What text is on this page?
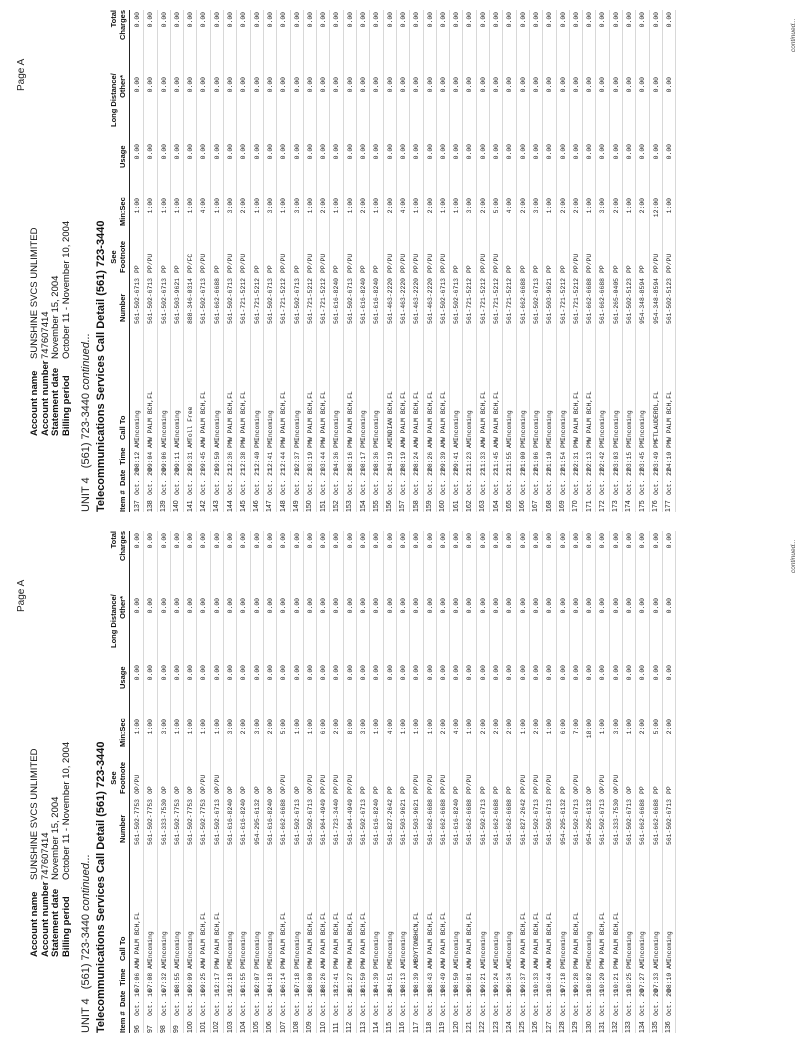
Page A
Account name
SUNSHINE SVCS UNLIMITED
Account number
747607414
Statement date
November 15, 2004
Billing period
October 11 - November 10, 2004
UNIT 4   (561) 723-3440 continued... Telecommunications Services Call Detail (561) 723-3440 Item #
Date
Time
Call To
Number
See Footnote
Min:Sec
Usage
Long Distance/ Other*
Total Charges
96
Oct. 16
07:06 AM
W PALM BCH,FL
561-502-7753
OP/PU
1:00
0.00
0.00
0.00
97
Oct. 16
07:08 AM
Incoming
561-502-7753
OP
1:00
0.00
0.00
0.00
98
Oct. 16
07:32 AM
Incoming
561-333-7530
OP
3:00
0.00
0.00
0.00
99
Oct. 16
08:55 AM
Incoming
561-502-7753
OP
1:00
0.00
0.00
0.00
100
Oct. 16
09:09 AM
Incoming
561-502-7753
OP
1:00
0.00
0.00
0.00
101
Oct. 16
09:25 AM
W PALM BCH,FL
561-502-7753
OP/PU
1:00
0.00
0.00
0.00
102
Oct. 16
12:17 PM
W PALM BCH,FL
561-502-6713
OP/PU
1:00
0.00
0.00
0.00
103
Oct. 16
12:18 PM
Incoming
561-616-8240
OP
3:00
0.00
0.00
0.00
104
Oct. 16
01:55 PM
Incoming
561-616-8240
OP
2:00
0.00
0.00
0.00
105
Oct. 16
02:07 PM
Incoming
954-295-6132
OP
3:00
0.00
0.00
0.00
106
Oct. 16
04:18 PM
Incoming
561-616-8240
OP
2:00
0.00
0.00
0.00
107
Oct. 16
06:14 PM
W PALM BCH,FL
561-662-6688
OP/PU
5:00
0.00
0.00
0.00
108
Oct. 16
07:18 PM
Incoming
561-502-6713
OP
1:00
0.00
0.00
0.00
109
Oct. 16
08:00 PM
W PALM BCH,FL
561-502-6713
OP/PU
1:00
0.00
0.00
0.00
110
Oct. 18
08:26 AM
W PALM BCH,FL
561-964-4949
PP/PU
6:00
0.00
0.00
0.00
111
Oct. 18
12:41 PM
W PALM BCH,FL
561-723-3440
PP/PU
2:00
0.00
0.00
0.00
112
Oct. 18
01:27 PM
W PALM BCH,FL
561-964-4949
PP/PU
8:00
0.00
0.00
0.00
113
Oct. 18
01:50 PM
W PALM BCH,FL
561-502-6713
PP
3:00
0.00
0.00
0.00
114
Oct. 18
04:39 PM
Incoming
561-616-8240
PP
1:00
0.00
0.00
0.00
115
Oct. 18
04:51 PM
Incoming
561-827-2642
PP
4:00
0.00
0.00
0.00
116
Oct. 19
08:13 AM
Incoming
561-503-9621
PP
1:00
0.00
0.00
0.00
117
Oct. 19
08:39 AM
BOYTONBHCN,FL
561-503-9621
PP/PU
1:00
0.00
0.00
0.00
118
Oct. 19
08:43 AM
W PALM BCH,FL
561-662-6688
PP/PU
1:00
0.00
0.00
0.00
119
Oct. 19
08:49 AM
W PALM BCH,FL
561-662-6688
PP/PU
2:00
0.00
0.00
0.00
120
Oct. 19
08:50 AM
Incoming
561-616-8240
PP
4:00
0.00
0.00
0.00
121
Oct. 19
09:01 AM
W PALM BCH,FL
561-662-6688
PP/PU
1:00
0.00
0.00
0.00
122
Oct. 19
09:21 AM
Incoming
561-502-6713
PP
2:00
0.00
0.00
0.00
123
Oct. 19
09:24 AM
Incoming
561-662-6688
PP
2:00
0.00
0.00
0.00
124
Oct. 19
09:34 AM
Incoming
561-662-6688
PP
2:00
0.00
0.00
0.00
125
Oct. 19
09:37 AM
W PALM BCH,FL
561-827-2642
PP/PU
1:00
0.00
0.00
0.00
126
Oct. 19
10:33 AM
W PALM BCH,FL
561-502-6713
PP/PU
2:00
0.00
0.00
0.00
127
Oct. 19
10:44 AM
W PALM BCH,FL
561-503-6713
PP/PU
1:00
0.00
0.00
0.00
128
Oct. 19
07:18 PM
Incoming
954-295-6132
PP
6:00
0.00
0.00
0.00
129
Oct. 19
09:28 PM
W PALM BCH,FL
561-502-6713
OP/PU
7:00
0.00
0.00
0.00
130
Oct. 19
10:02 PM
Incoming
954-295-6132
OP
18:00
0.00
0.00
0.00
131
Oct. 19
10:20 PM
W PALM BCH,FL
561-502-6713
OP/PU
1:00
0.00
0.00
0.00
132
Oct. 19
10:21 PM
W PALM BCH,FL
561-333-7530
OP/PU
3:00
0.00
0.00
0.00
133
Oct. 19
10:25 PM
Incoming
561-502-6713
OP
1:00
0.00
0.00
0.00
134
Oct. 20
07:27 AM
Incoming
561-662-6688
PP
2:00
0.00
0.00
0.00
135
Oct. 20
07:33 AM
Incoming
561-662-6688
PP
5:00
0.00
0.00
0.00
136
Oct. 20
08:10 AM
Incoming
561-502-6713
PP
2:00
0.00
0.00
0.00	continued...
Page A
Account name
SUNSHINE SVCS UNLIMITED
Account number
747607414
Statement date
November 15, 2004
Billing period
October 11 - November 10, 2004
UNIT 4   (561) 723-3440 continued... Telecommunications Services Call Detail (561) 723-3440 Item #
Date
Time
Call To
Number
See Footnote
Min:Sec
Usage
Long Distance/ Other*
Total Charges
137
Oct. 20
08:12 AM
Incoming
561-502-6713
PP
1:00
0.00
0.00
0.00
138
Oct. 20
09:04 AM
W PALM BCH,FL
561-502-6713
PP/PU
1:00
0.00
0.00
0.00
139
Oct. 20
09:06 AM
Incoming
561-502-6713
PP
1:00
0.00
0.00
0.00
140
Oct. 20
09:11 AM
Incoming
561-503-9621
PP
1:00
0.00
0.00
0.00
141
Oct. 21
09:31 AM
Toll Free
888-346-0314
PP/FC
1:00
0.00
0.00
0.00
142
Oct. 21
09:45 AM
W PALM BCH,FL
561-502-6713
PP/PU
4:00
0.00
0.00
0.00
143
Oct. 21
09:50 AM
Incoming
561-662-6688
PP
1:00
0.00
0.00
0.00
144
Oct. 21
12:36 PM
W PALM BCH,FL
561-502-6713
PP/PU
3:00
0.00
0.00
0.00
145
Oct. 21
12:38 PM
W PALM BCH,FL
561-721-5212
PP/PU
2:00
0.00
0.00
0.00
146
Oct. 21
12:40 PM
Incoming
561-721-5212
PP
1:00
0.00
0.00
0.00
147
Oct. 21
12:41 PM
Incoming
561-502-6713
PP
3:00
0.00
0.00
0.00
148
Oct. 21
12:44 PM
W PALM BCH,FL
561-721-5212
PP/PU
1:00
0.00
0.00
0.00
149
Oct. 21
02:37 PM
Incoming
561-502-6713
PP
3:00
0.00
0.00
0.00
150
Oct. 21
03:19 PM
W PALM BCH,FL
561-721-5212
PP/PU
1:00
0.00
0.00
0.00
151
Oct. 21
03:44 PM
W PALM BCH,FL
561-721-5212
PP/PU
2:00
0.00
0.00
0.00
152
Oct. 21
04:36 PM
Incoming
561-616-8240
PP
1:00
0.00
0.00
0.00
153
Oct. 21
08:16 PM
W PALM BCH,FL
561-502-6713
PP/PU
1:00
0.00
0.00
0.00
154
Oct. 21
08:17 PM
Incoming
561-616-8240
PP
2:00
0.00
0.00
0.00
155
Oct. 21
08:36 PM
Incoming
561-616-8240
PP
1:00
0.00
0.00
0.00
156
Oct. 21
04:19 AM
INDIAN BCH,FL
561-463-2220
PP/PU
2:00
0.00
0.00
0.00
157
Oct. 22
08:19 AM
W PALM BCH,FL
561-463-2220
PP/PU
4:00
0.00
0.00
0.00
158
Oct. 22
08:24 AM
W PALM BCH,FL
561-463-2220
PP/PU
1:00
0.00
0.00
0.00
159
Oct. 22
08:26 AM
W PALM BCH,FL
561-463-2220
PP/PU
2:00
0.00
0.00
0.00
160
Oct. 22
09:39 AM
W PALM BCH,FL
561-502-6713
PP/PU
1:00
0.00
0.00
0.00
161
Oct. 22
09:41 AM
Incoming
561-502-6713
PP
1:00
0.00
0.00
0.00
162
Oct. 22
11:23 AM
Incoming
561-721-5212
PP
3:00
0.00
0.00
0.00
163
Oct. 22
11:33 AM
W PALM BCH,FL
561-721-5212
PP/PU
2:00
0.00
0.00
0.00
164
Oct. 22
11:45 AM
W PALM BCH,FL
561-721-5212
PP/PU
5:00
0.00
0.00
0.00
165
Oct. 22
11:55 AM
Incoming
561-721-5212
PP
4:00
0.00
0.00
0.00
166
Oct. 22
01:00 PM
Incoming
561-662-6688
PP
2:00
0.00
0.00
0.00
167
Oct. 22
01:06 PM
Incoming
561-502-6713
PP
3:00
0.00
0.00
0.00
168
Oct. 22
01:10 PM
Incoming
561-503-9621
PP
1:00
0.00
0.00
0.00
169
Oct. 22
01:54 PM
Incoming
561-721-5212
PP
2:00
0.00
0.00
0.00
170
Oct. 22
02:31 PM
W PALM BCH,FL
561-721-5212
PP/PU
2:00
0.00
0.00
0.00
171
Oct. 22
02:13 PM
W PALM BCH,FL
561-662-6688
PP/PU
1:00
0.00
0.00
0.00
172
Oct. 22
02:42 PM
Incoming
561-662-6688
PP
3:00
0.00
0.00
0.00
173
Oct. 22
03:03 PM
Incoming
561-265-0405
PP
2:00
0.00
0.00
0.00
174
Oct. 22
03:15 PM
Incoming
561-502-5123
PP
1:00
0.00
0.00
0.00
175
Oct. 22
03:45 PM
Incoming
954-348-8594
PP
2:00
0.00
0.00
0.00
176
Oct. 22
03:49 PM
FTLAUDERDL,FL
954-348-8594
PP/PU
12:00
0.00
0.00
0.00
177
Oct. 22
04:10 PM
W PALM BCH,FL
561-502-5123
PP/PU
1:00
0.00
0.00
0.00	continued...
